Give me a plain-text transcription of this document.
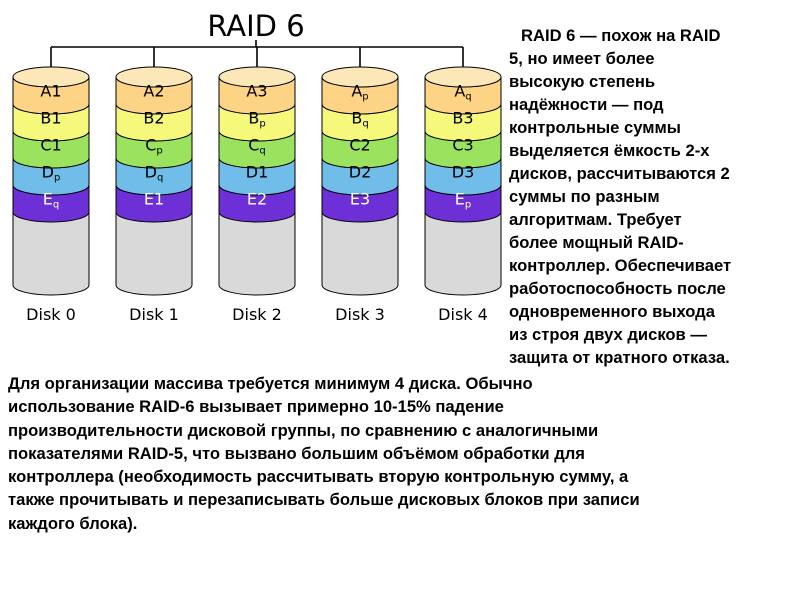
RAID 6
A1
B1
C1
Dp
Eq
Disk 0
A2
B2
Cp
Dq
E1
Disk 1
A3
Bp
Cq
D1
E2
Disk 2
Ap
Bq
C2
D2
E3
Disk 3
Aq
B3
C3
D3
Ep
Disk 4
RAID 6 — похож на RAID
5, но имеет более
высокую степень
надёжности — под
контрольные суммы
выделяется ёмкость 2-х
дисков, рассчитываются 2
суммы по разным
алгоритмам. Требует
более мощный RAID-
контроллер. Обеспечивает
работоспособность после
одновременного выхода
из строя двух дисков —
защита от кратного отказа.
Для организации массива требуется минимум 4 диска. Обычно
использование RAID-6 вызывает примерно 10-15% падение
производительности дисковой группы, по сравнению с аналогичными
показателями RAID-5, что вызвано большим объёмом обработки для
контроллера (необходимость рассчитывать вторую контрольную сумму, а
также прочитывать и перезаписывать больше дисковых блоков при записи
каждого блока).
